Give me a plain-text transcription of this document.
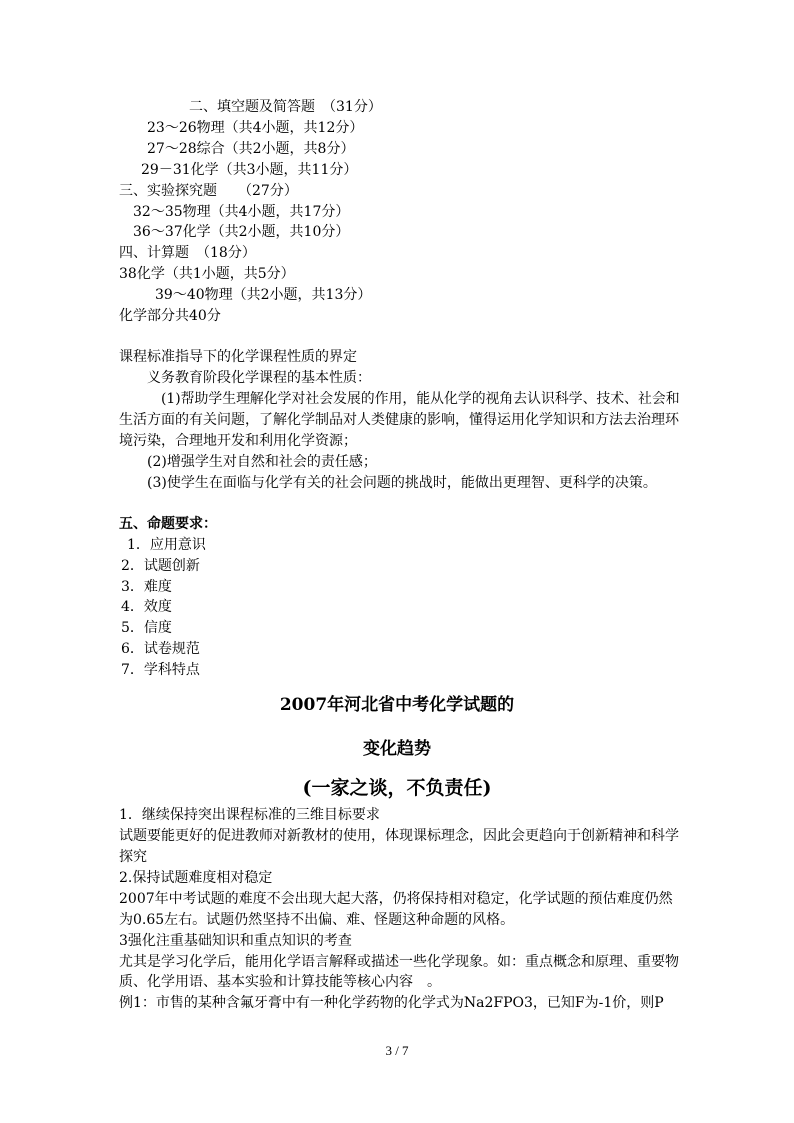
二、填空题及简答题　（31分）
23～26物理（共4小题，共12分）
27～28综合（共2小题，共8分）
29－31化学（共3小题，共11分）
三、实验探究题　　（27分）
32～35物理（共4小题，共17分）
36～37化学（共2小题，共10分）
四、计算题　（18分）
38化学（共1小题，共5分）
39～40物理（共2小题，共13分）
化学部分共40分
课程标准指导下的化学课程性质的界定
义务教育阶段化学课程的基本性质：
(1)帮助学生理解化学对社会发展的作用，能从化学的视角去认识科学、技术、社会和
生活方面的有关问题，了解化学制品对人类健康的影响，懂得运用化学知识和方法去治理环
境污染，合理地开发和利用化学资源；
(2)增强学生对自然和社会的责任感；
(3)使学生在面临与化学有关的社会问题的挑战时，能做出更理智、更科学的决策。
五、命题要求：
1．应用意识
2．试题创新
3．难度
4．效度
5．信度
6．试卷规范
7．学科特点
2007年河北省中考化学试题的
变化趋势
(一家之谈，不负责任)
1．继续保持突出课程标准的三维目标要求
试题要能更好的促进教师对新教材的使用，体现课标理念，因此会更趋向于创新精神和科学
探究
2.保持试题难度相对稳定
2007年中考试题的难度不会出现大起大落，仍将保持相对稳定，化学试题的预估难度仍然
为0.65左右。试题仍然坚持不出偏、难、怪题这种命题的风格。
3强化注重基础知识和重点知识的考查
尤其是学习化学后，能用化学语言解释或描述一些化学现象。如：重点概念和原理、重要物
质、化学用语、基本实验和计算技能等核心内容　。
例1：市售的某种含氟牙膏中有一种化学药物的化学式为Na2FPO3，已知F为-1价，则P
3 / 7
